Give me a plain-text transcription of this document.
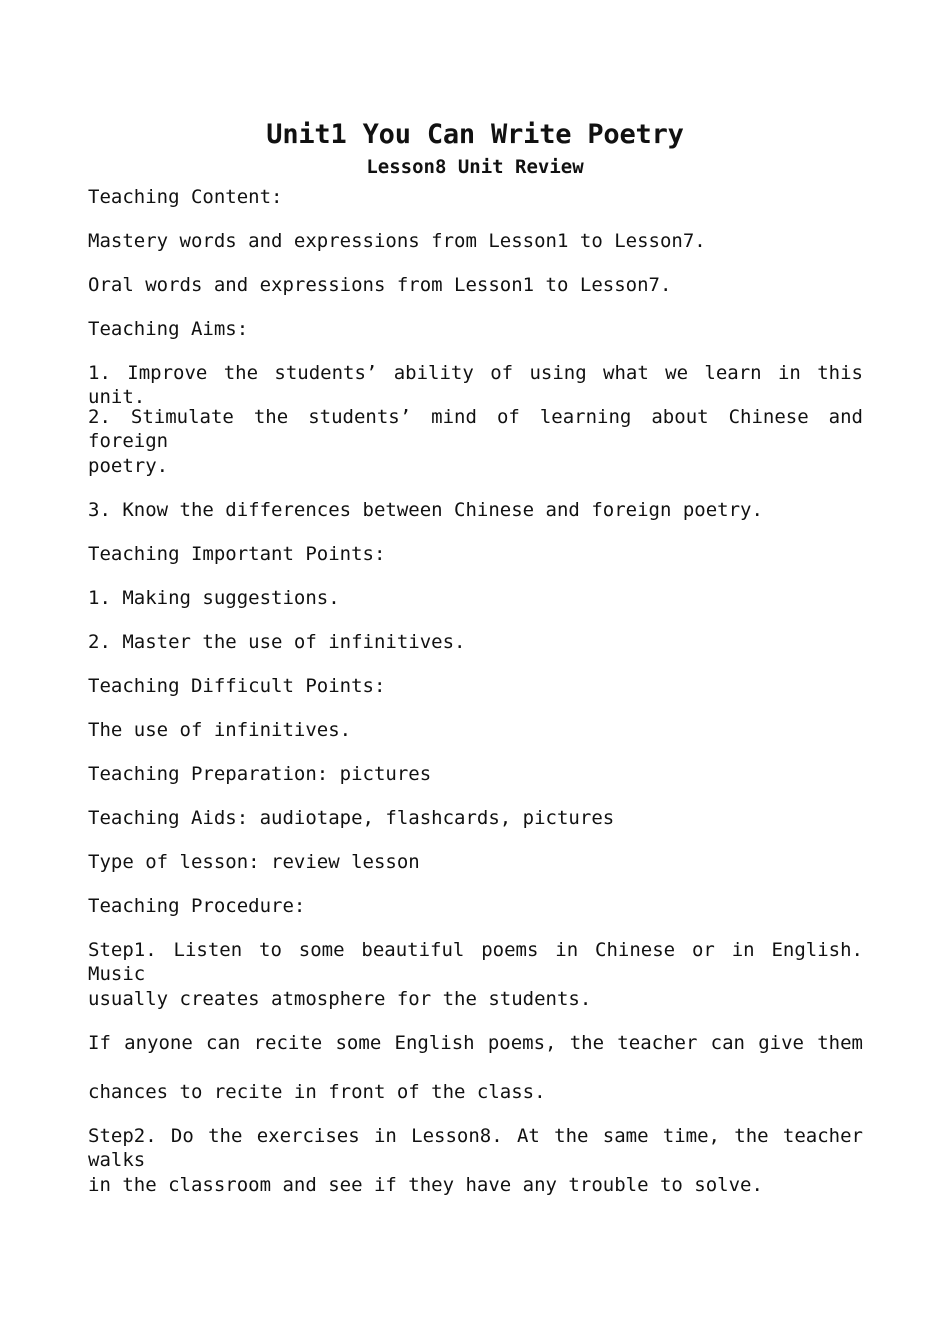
Unit1 You Can Write Poetry
Lesson8 Unit Review
Teaching Content:
Mastery words and expressions from Lesson1 to Lesson7.
Oral words and expressions from Lesson1 to Lesson7.
Teaching Aims:
1. Improve the students’ ability of using what we learn in this unit.
2. Stimulate the students’ mind of learning about Chinese and foreign
poetry.
3. Know the differences between Chinese and foreign poetry.
Teaching Important Points:
1. Making suggestions.
2. Master the use of infinitives.
Teaching Difficult Points:
The use of infinitives.
Teaching Preparation: pictures
Teaching Aids: audiotape, flashcards, pictures
Type of lesson: review lesson
Teaching Procedure:
Step1. Listen to some beautiful poems in Chinese or in English. Music
usually creates atmosphere for the students.
If anyone can recite some English poems, the teacher can give them
chances to recite in front of the class.
Step2. Do the exercises in Lesson8. At the same time, the teacher walks
in the classroom and see if they have any trouble to solve.
